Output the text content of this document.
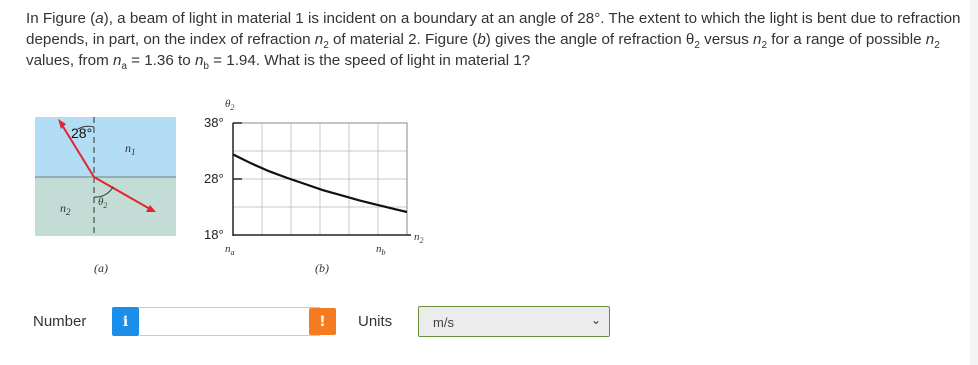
In Figure (a), a beam of light in material 1 is incident on a boundary at an angle of 28°. The extent to which the light is bent due to refraction depends, in part, on the index of refraction $n_2$ of material 2. Figure (b) gives the angle of refraction $\theta_2$ versus $n_2$ for a range of possible $n_2$ values, from $n_a = 1.36$ to $n_b = 1.94$. What is the speed of light in material 1?
28°
$n_1$
$n_2$
$\theta_2$
(a)
38°
28°
18°
$\theta_2$
$n_2$
$n_a$	$n_b$
(b)
Number	i	!	Units	m/s	⌄
